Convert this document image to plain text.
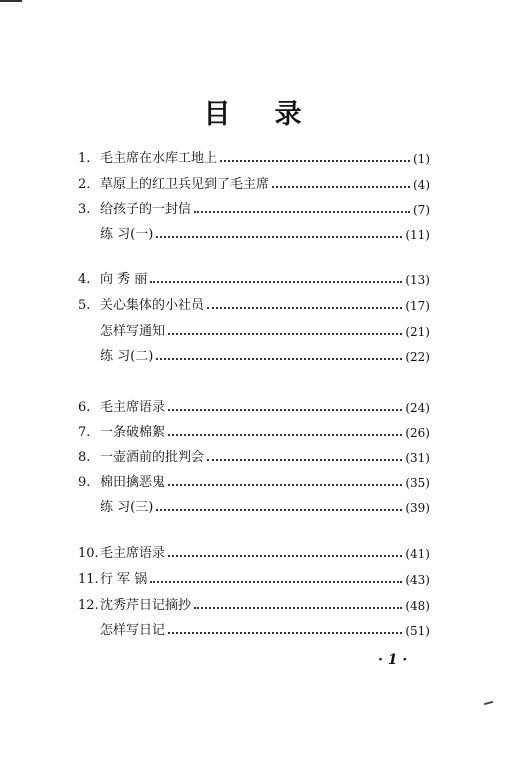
目 录
1. 毛主席在水库工地上	(1)
2. 草原上的红卫兵见到了毛主席	(4)
3. 给孩子的一封信	(7)
练 习(一)	(11)
4. 向 秀 丽	(13)
5. 关心集体的小社员	(17)
怎样写通知	(21)
练 习(二)	(22)
6. 毛主席语录	(24)
7. 一条破棉絮	(26)
8. 一壶酒前的批判会	(31)
9. 棉田擒恶鬼	(35)
练 习(三)	(39)
10. 毛主席语录	(41)
11. 行 军 锅	(43)
12. 沈秀芹日记摘抄	(48)
怎样写日记	(51)
· 1 ·
